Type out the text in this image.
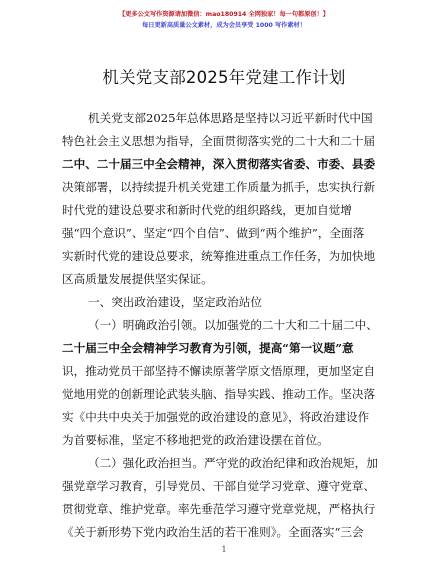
【更多公文写作资源请加微信：mao180914 全网独家！每一句都原创！】
每日更新高质量公文素材，成为会员享受 1000 写作素材！
机关党支部2025年党建工作计划
机关党支部2025年总体思路是坚持以习近平新时代中国
特色社会主义思想为指导，全面贯彻落实党的二十大和二十届
二中、二十届三中全会精神，深入贯彻落实省委、市委、县委
决策部署，以持续提升机关党建工作质量为抓手，忠实执行新
时代党的建设总要求和新时代党的组织路线，更加自觉增
强“四个意识”、坚定“四个自信”、做到“两个维护”，全面落
实新时代党的建设总要求，统筹推进重点工作任务，为加快地
区高质量发展提供坚实保证。
一、突出政治建设，坚定政治站位
（一）明确政治引领。以加强党的二十大和二十届二中、
二十届三中全会精神学习教育为引领，提高“第一议题”意
识，推动党员干部坚持不懈读原著学原文悟原理，更加坚定自
觉地用党的创新理论武装头脑、指导实践、推动工作。坚决落
实《中共中央关于加强党的政治建设的意见》，将政治建设作
为首要标准，坚定不移地把党的政治建设摆在首位。
（二）强化政治担当。严守党的政治纪律和政治规矩，加
强党章学习教育，引导党员、干部自觉学习党章、遵守党章、
贯彻党章、维护党章。率先垂范学习遵守党章党规，严格执行
《关于新形势下党内政治生活的若干准则》。全面落实“三会
1
